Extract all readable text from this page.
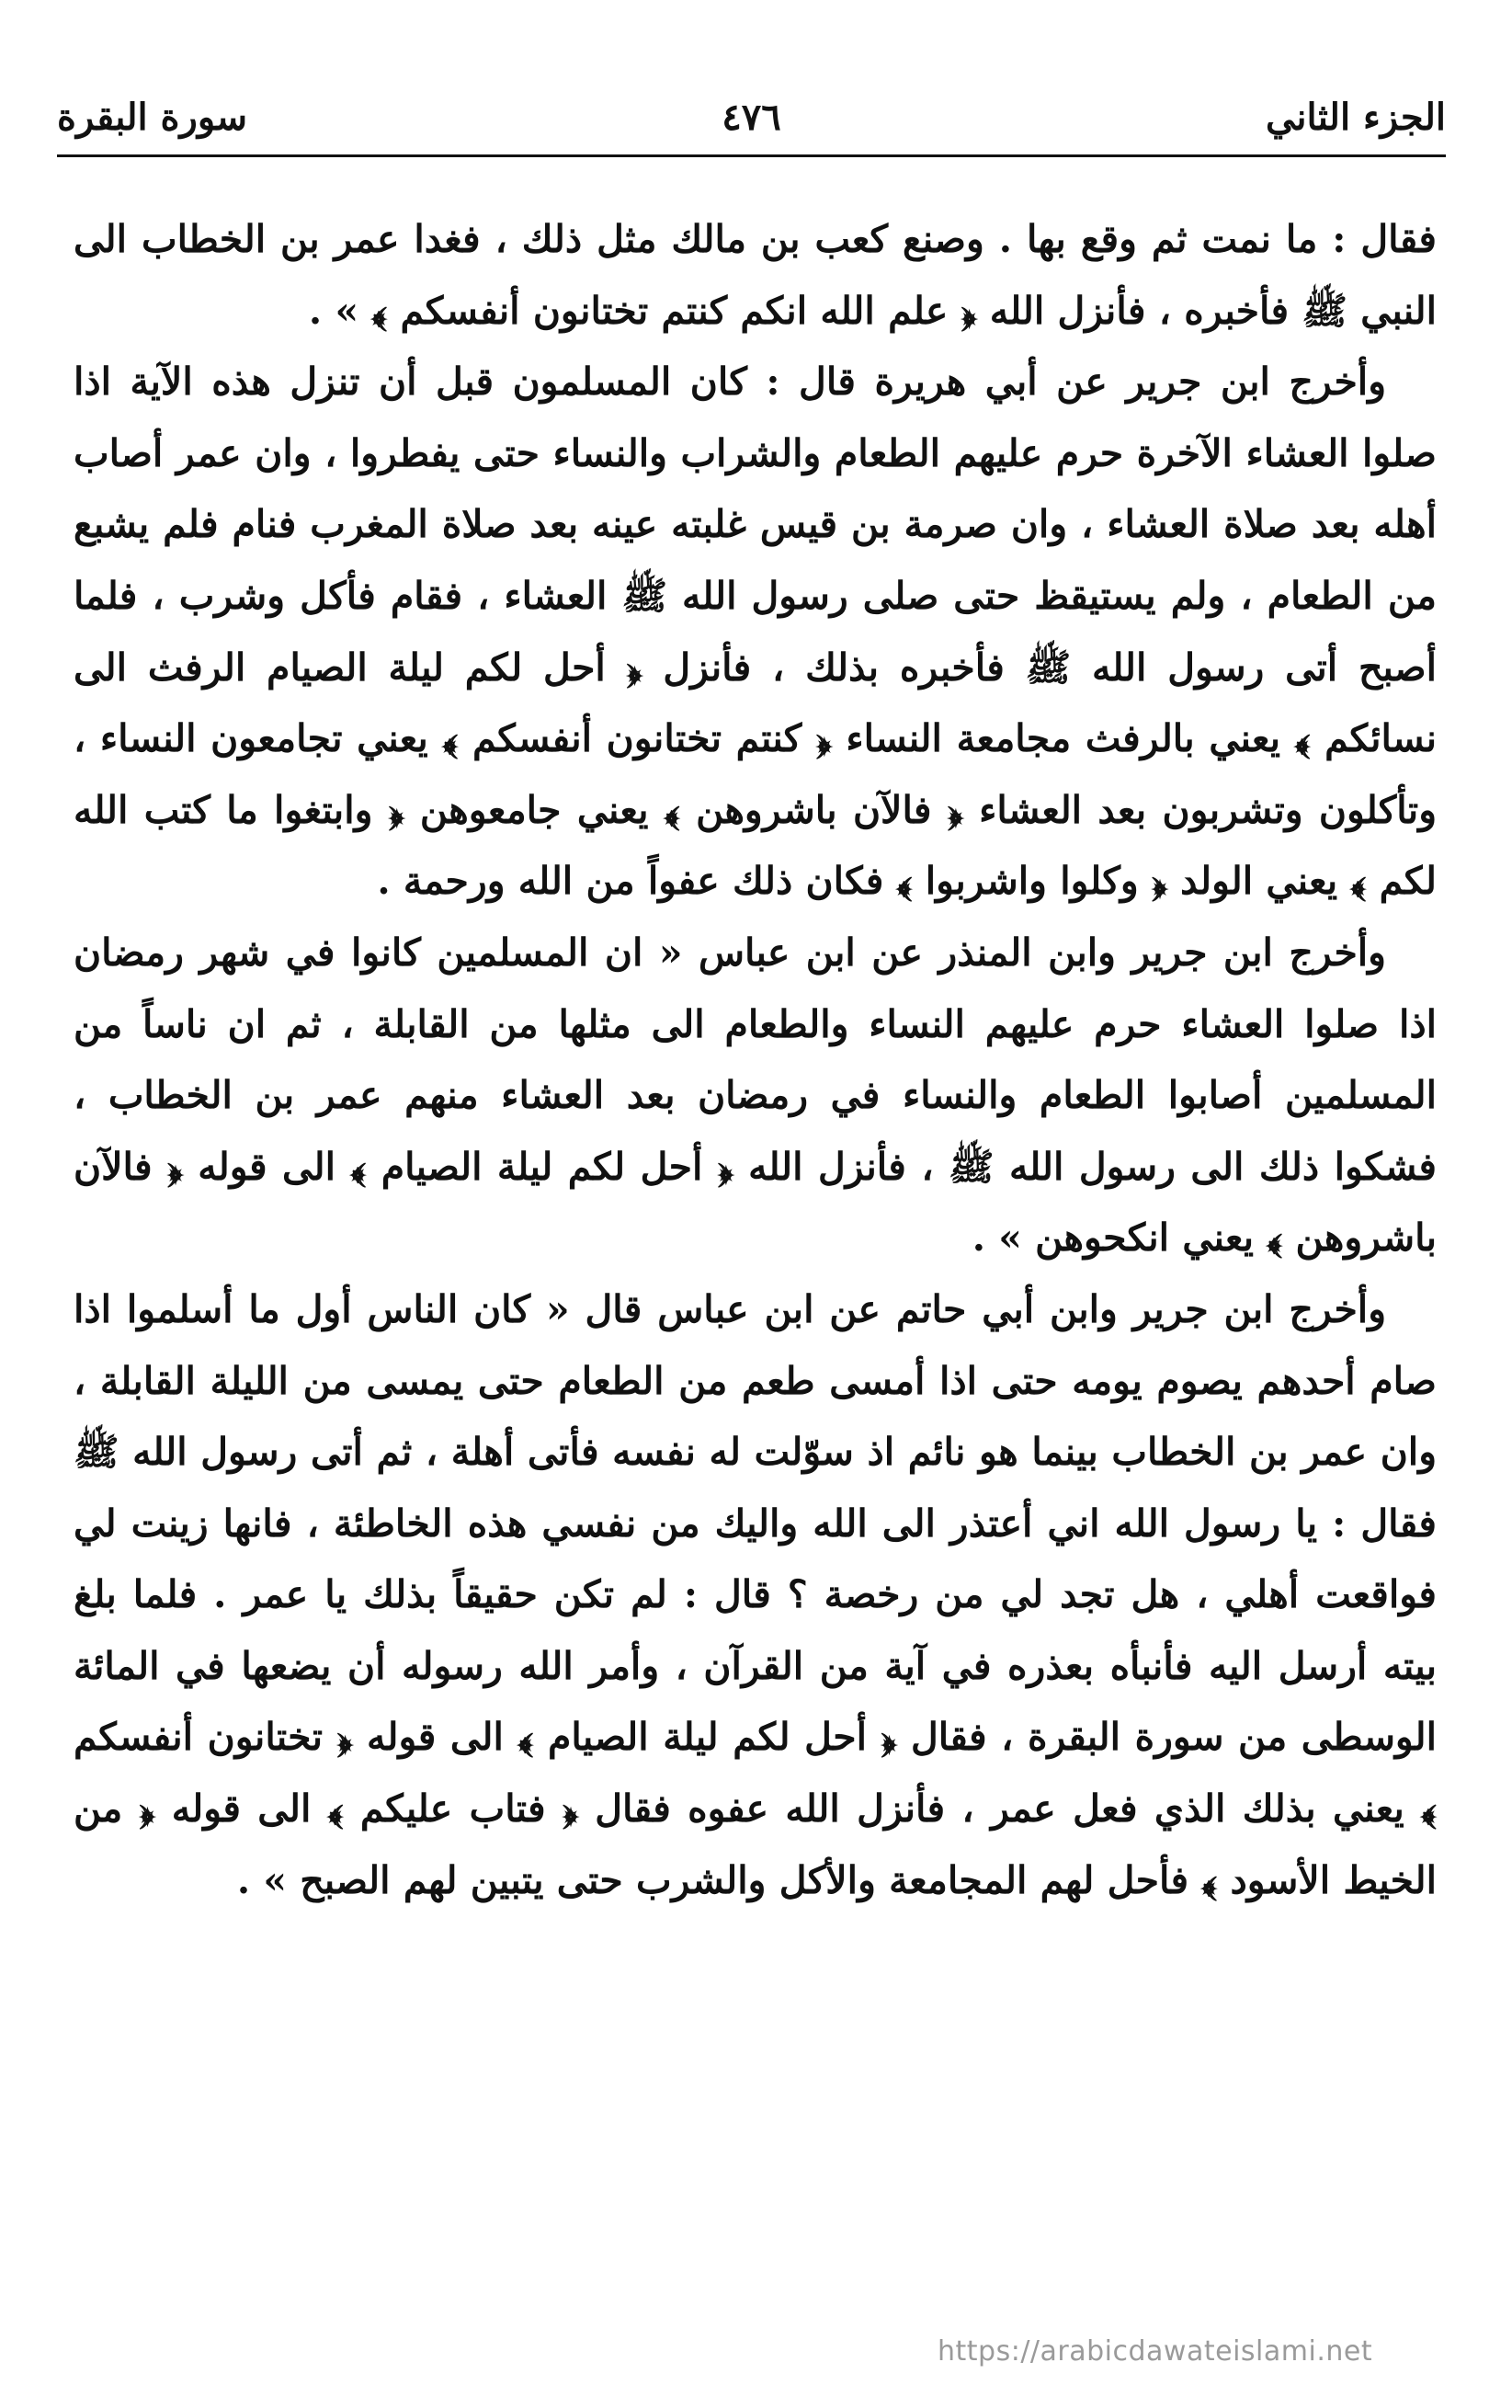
الجزء الثاني
٤٧٦
سورة البقرة

فقال : ما نمت ثم وقع بها . وصنع كعب بن مالك مثل ذلك ، فغدا عمر بن الخطاب الى النبي ﷺ فأخبره ، فأنزل الله ﴿ علم الله انكم كنتم تختانون أنفسكم ﴾ » .

وأخرج ابن جرير عن أبي هريرة قال : كان المسلمون قبل أن تنزل هذه الآية اذا صلوا العشاء الآخرة حرم عليهم الطعام والشراب والنساء حتى يفطروا ، وان عمر أصاب أهله بعد صلاة العشاء ، وان صرمة بن قيس غلبته عينه بعد صلاة المغرب فنام فلم يشبع من الطعام ، ولم يستيقظ حتى صلى رسول الله ﷺ العشاء ، فقام فأكل وشرب ، فلما أصبح أتى رسول الله ﷺ فأخبره بذلك ، فأنزل ﴿ أحل لكم ليلة الصيام الرفث الى نسائكم ﴾ يعني بالرفث مجامعة النساء ﴿ كنتم تختانون أنفسكم ﴾ يعني تجامعون النساء ، وتأكلون وتشربون بعد العشاء ﴿ فالآن باشروهن ﴾ يعني جامعوهن ﴿ وابتغوا ما كتب الله لكم ﴾ يعني الولد ﴿ وكلوا واشربوا ﴾ فكان ذلك عفواً من الله ورحمة .

وأخرج ابن جرير وابن المنذر عن ابن عباس « ان المسلمين كانوا في شهر رمضان اذا صلوا العشاء حرم عليهم النساء والطعام الى مثلها من القابلة ، ثم ان ناساً من المسلمين أصابوا الطعام والنساء في رمضان بعد العشاء منهم عمر بن الخطاب ، فشكوا ذلك الى رسول الله ﷺ ، فأنزل الله ﴿ أحل لكم ليلة الصيام ﴾ الى قوله ﴿ فالآن باشروهن ﴾ يعني انكحوهن » .

وأخرج ابن جرير وابن أبي حاتم عن ابن عباس قال « كان الناس أول ما أسلموا اذا صام أحدهم يصوم يومه حتى اذا أمسى طعم من الطعام حتى يمسى من الليلة القابلة ، وان عمر بن الخطاب بينما هو نائم اذ سوّلت له نفسه فأتى أهلة ، ثم أتى رسول الله ﷺ فقال : يا رسول الله اني أعتذر الى الله واليك من نفسي هذه الخاطئة ، فانها زينت لي فواقعت أهلي ، هل تجد لي من رخصة ؟ قال : لم تكن حقيقاً بذلك يا عمر . فلما بلغ بيته أرسل اليه فأنبأه بعذره في آية من القرآن ، وأمر الله رسوله أن يضعها في المائة الوسطى من سورة البقرة ، فقال ﴿ أحل لكم ليلة الصيام ﴾ الى قوله ﴿ تختانون أنفسكم ﴾ يعني بذلك الذي فعل عمر ، فأنزل الله عفوه فقال ﴿ فتاب عليكم ﴾ الى قوله ﴿ من الخيط الأسود ﴾ فأحل لهم المجامعة والأكل والشرب حتى يتبين لهم الصبح » .

https://arabicdawateislami.net
